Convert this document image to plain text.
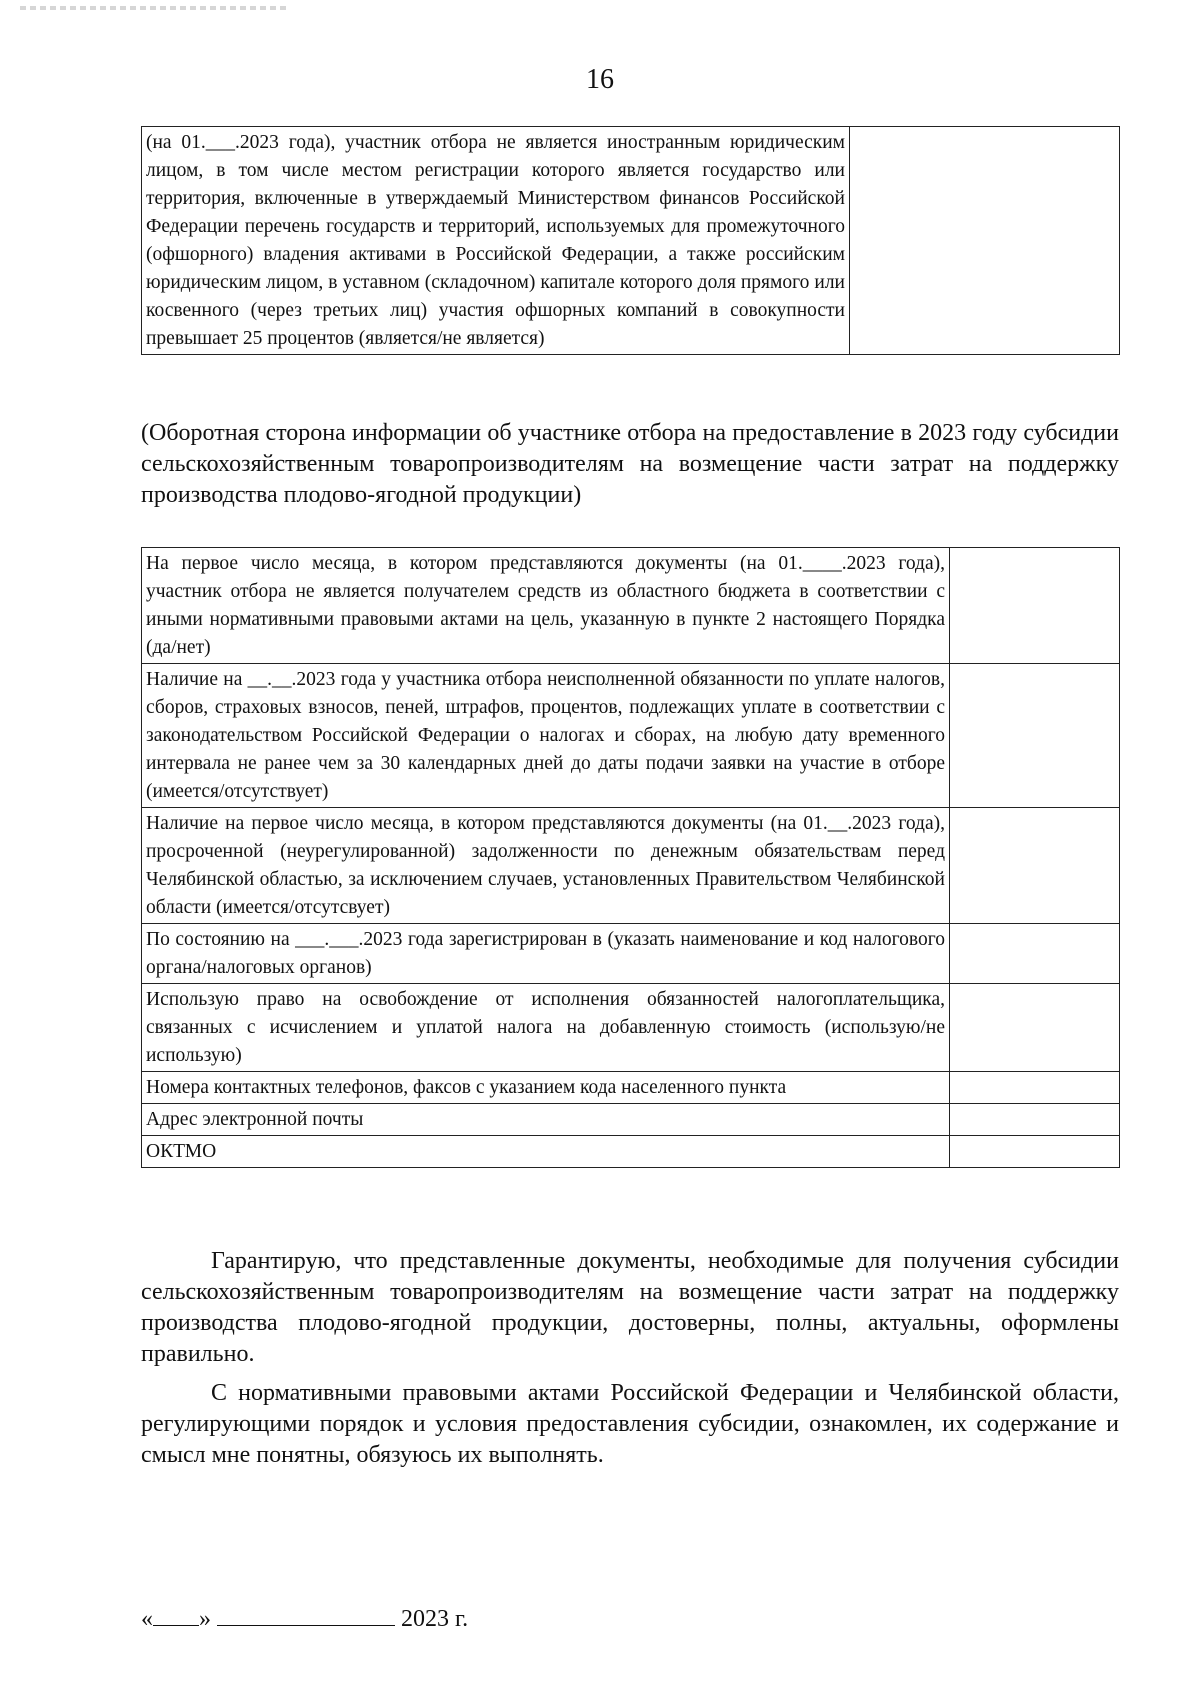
16
(на 01.___.2023 года), участник отбора не является иностранным юридическим лицом, в том числе местом регистрации которого является государство или территория, включенные в утверждаемый Министерством финансов Российской Федерации перечень государств и территорий, используемых для промежуточного (офшорного) владения активами в Российской Федерации, а также российским юридическим лицом, в уставном (складочном) капитале которого доля прямого или косвенного (через третьих лиц) участия офшорных компаний в совокупности превышает 25 процентов (является/не является)	
(Оборотная сторона информации об участнике отбора на предоставление в 2023 году субсидии сельскохозяйственным товаропроизводителям на возмещение части затрат на поддержку производства плодово-ягодной продукции)
На первое число месяца, в котором представляются документы (на 01.____.2023 года), участник отбора не является получателем средств из областного бюджета в соответствии с иными нормативными правовыми актами на цель, указанную в пункте 2 настоящего Порядка (да/нет)	
Наличие на __.__.2023 года у участника отбора неисполненной обязанности по уплате налогов, сборов, страховых взносов, пеней, штрафов, процентов, подлежащих уплате в соответствии с законодательством Российской Федерации о налогах и сборах, на любую дату временного интервала не ранее чем за 30 календарных дней до даты подачи заявки на участие в отборе (имеется/отсутствует)	
Наличие на первое число месяца, в котором представляются документы (на 01.__.2023 года), просроченной (неурегулированной) задолженности по денежным обязательствам перед Челябинской областью, за исключением случаев, установленных Правительством Челябинской области (имеется/отсутсвует)	
По состоянию на ___.___.2023 года зарегистрирован в (указать наименование и код налогового органа/налоговых органов)	
Использую право на освобождение от исполнения обязанностей налогоплательщика, связанных с исчислением и уплатой налога на добавленную стоимость (использую/не использую)	
Номера контактных телефонов, факсов с указанием кода населенного пункта	
Адрес электронной почты	
ОКТМО	

Гарантирую, что представленные документы, необходимые для получения субсидии сельскохозяйственным товаропроизводителям на возмещение части затрат на поддержку производства плодово-ягодной продукции, достоверны, полны, актуальны, оформлены правильно.

С нормативными правовыми актами Российской Федерации и Челябинской области, регулирующими порядок и условия предоставления субсидии, ознакомлен, их содержание и смысл мне понятны, обязуюсь их выполнять.

« »	2023 г.
